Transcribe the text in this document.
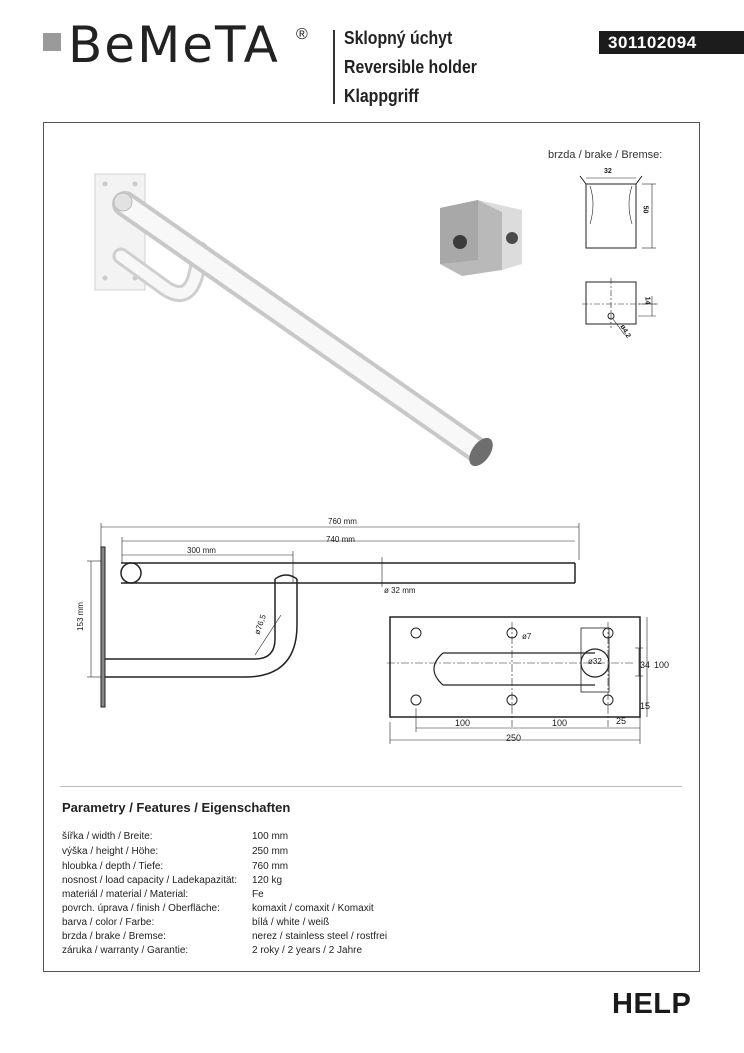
BeMeTA ® Sklopný úchyt
Reversible holder
Klappgriff
301102094
brzda / brake / Bremse:
32
50
14
ø4,2
760 mm
740 mm
300 mm
153 mm	ø76,5
ø 32 mm
ø7
ø32	34 100
15
100	100	25
250
Parametry / Features / Eigenschaften
šířka / width / Breite:	100 mm
výška / height / Höhe:	250 mm
hloubka / depth / Tiefe:	760 mm
nosnost / load capacity / Ladekapazität: 120 kg
materiál / material / Material:	Fe
povrch. úprava / finish / Oberfläche:	komaxit / comaxit / Komaxit
barva / color / Farbe:	bílá / white / weiß
brzda / brake / Bremse:	nerez / stainless steel / rostfrei
záruka / warranty / Garantie:	2 roky / 2 years / 2 Jahre
HELP
